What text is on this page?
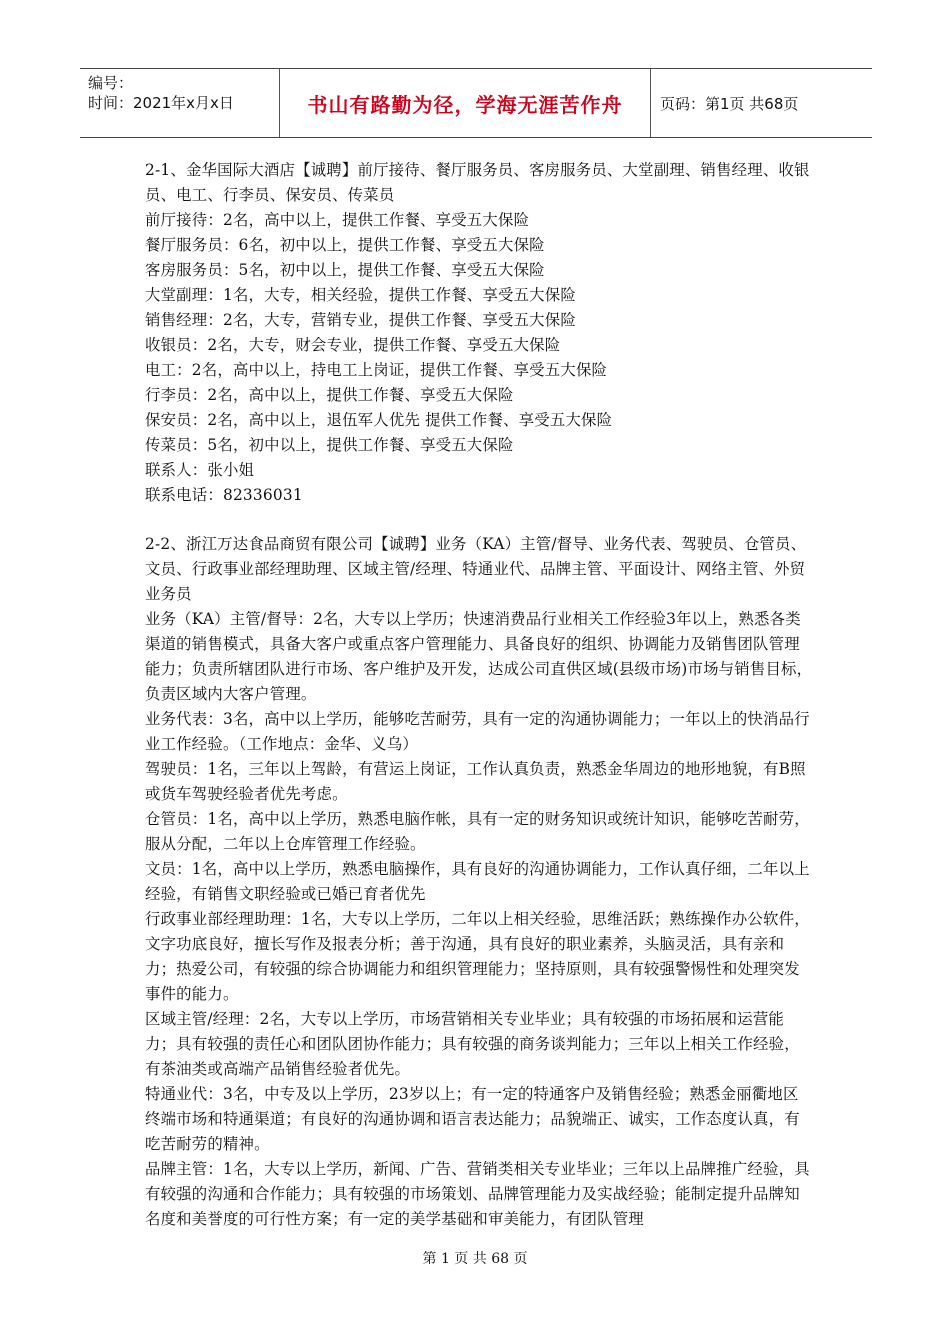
编号：
时间：2021年x月x日	书山有路勤为径，学海无涯苦作舟	页码：第1页 共68页

2-1、金华国际大酒店【诚聘】前厅接待、餐厅服务员、客房服务员、大堂副理、销售经理、收银员、电工、行李员、保安员、传菜员

前厅接待：2名，高中以上，提供工作餐、享受五大保险

餐厅服务员：6名，初中以上，提供工作餐、享受五大保险

客房服务员：5名，初中以上，提供工作餐、享受五大保险

大堂副理：1名，大专，相关经验，提供工作餐、享受五大保险

销售经理：2名，大专，营销专业，提供工作餐、享受五大保险

收银员：2名，大专，财会专业，提供工作餐、享受五大保险

电工：2名，高中以上，持电工上岗证，提供工作餐、享受五大保险

行李员：2名，高中以上，提供工作餐、享受五大保险

保安员：2名，高中以上，退伍军人优先 提供工作餐、享受五大保险

传菜员：5名，初中以上，提供工作餐、享受五大保险

联系人：张小姐

联系电话：82336031

2-2、浙江万达食品商贸有限公司【诚聘】业务（KA）主管/督导、业务代表、驾驶员、仓管员、文员、行政事业部经理助理、区域主管/经理、特通业代、品牌主管、平面设计、网络主管、外贸业务员

业务（KA）主管/督导：2名，大专以上学历；快速消费品行业相关工作经验3年以上，熟悉各类渠道的销售模式，具备大客户或重点客户管理能力、具备良好的组织、协调能力及销售团队管理能力；负责所辖团队进行市场、客户维护及开发，达成公司直供区域(县级市场)市场与销售目标，负责区域内大客户管理。

业务代表：3名，高中以上学历，能够吃苦耐劳，具有一定的沟通协调能力；一年以上的快消品行业工作经验。（工作地点：金华、义乌）

驾驶员：1名，三年以上驾龄，有营运上岗证，工作认真负责，熟悉金华周边的地形地貌，有B照或货车驾驶经验者优先考虑。

仓管员：1名，高中以上学历，熟悉电脑作帐，具有一定的财务知识或统计知识，能够吃苦耐劳，服从分配，二年以上仓库管理工作经验。

文员：1名，高中以上学历，熟悉电脑操作，具有良好的沟通协调能力，工作认真仔细，二年以上经验，有销售文职经验或已婚已育者优先

行政事业部经理助理：1名，大专以上学历，二年以上相关经验，思维活跃；熟练操作办公软件，文字功底良好，擅长写作及报表分析；善于沟通，具有良好的职业素养，头脑灵活，具有亲和力；热爱公司，有较强的综合协调能力和组织管理能力；坚持原则，具有较强警惕性和处理突发事件的能力。

区域主管/经理：2名，大专以上学历，市场营销相关专业毕业；具有较强的市场拓展和运营能力；具有较强的责任心和团队团协作能力；具有较强的商务谈判能力；三年以上相关工作经验，有茶油类或高端产品销售经验者优先。

特通业代：3名，中专及以上学历，23岁以上；有一定的特通客户及销售经验；熟悉金丽衢地区终端市场和特通渠道；有良好的沟通协调和语言表达能力；品貌端正、诚实，工作态度认真，有吃苦耐劳的精神。

品牌主管：1名，大专以上学历，新闻、广告、营销类相关专业毕业；三年以上品牌推广经验，具有较强的沟通和合作能力；具有较强的市场策划、品牌管理能力及实战经验；能制定提升品牌知名度和美誉度的可行性方案；有一定的美学基础和审美能力，有团队管理

第 1 页 共 68 页
